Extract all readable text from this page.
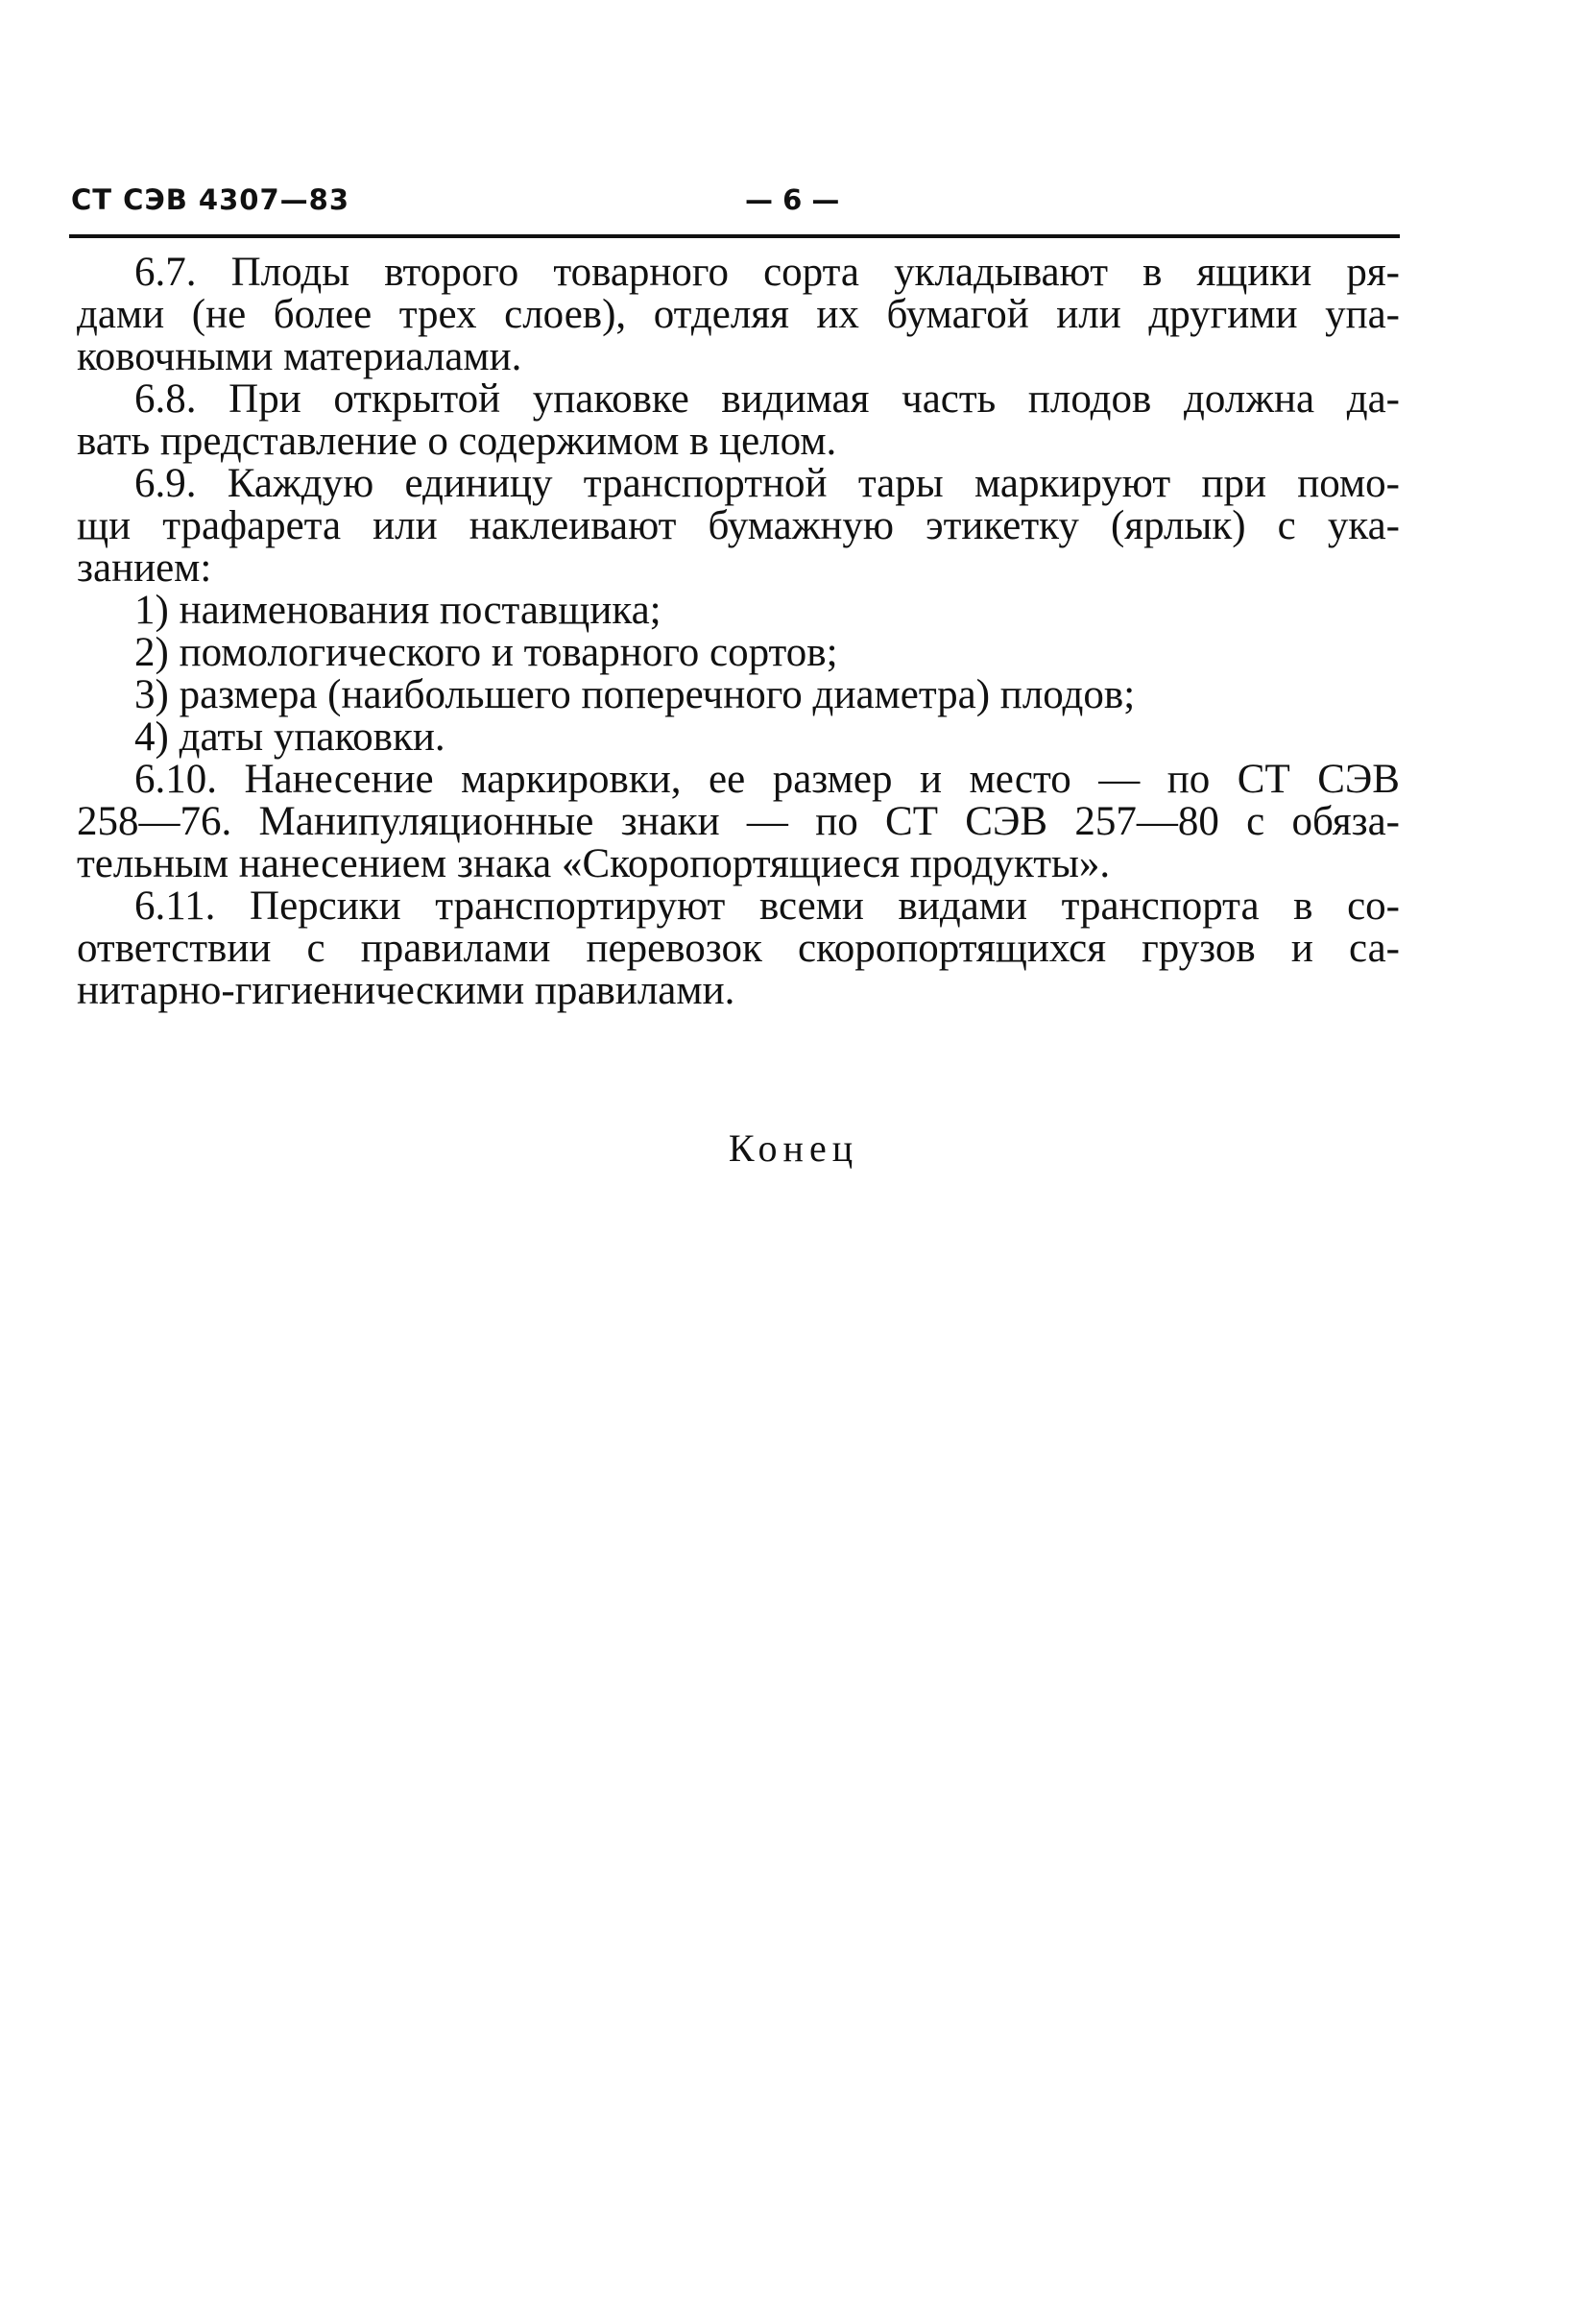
СТ СЭВ 4307—83	— 6 —
6.7. Плоды второго товарного сорта укладывают в ящики ря-
дами (не более трех слоев), отделяя их бумагой или другими упа-
ковочными материалами.
6.8. При открытой упаковке видимая часть плодов должна да-
вать представление о содержимом в целом.
6.9. Каждую единицу транспортной тары маркируют при помо-
щи трафарета или наклеивают бумажную этикетку (ярлык) с ука-
занием:
1) наименования поставщика;
2) помологического и товарного сортов;
3) размера (наибольшего поперечного диаметра) плодов;
4) даты упаковки.
6.10. Нанесение маркировки, ее размер и место — по СТ СЭВ
258—76. Манипуляционные знаки — по СТ СЭВ 257—80 с обяза-
тельным нанесением знака «Скоропортящиеся продукты».
6.11. Персики транспортируют всеми видами транспорта в со-
ответствии с правилами перевозок скоропортящихся грузов и са-
нитарно-гигиеническими правилами.
Конец
